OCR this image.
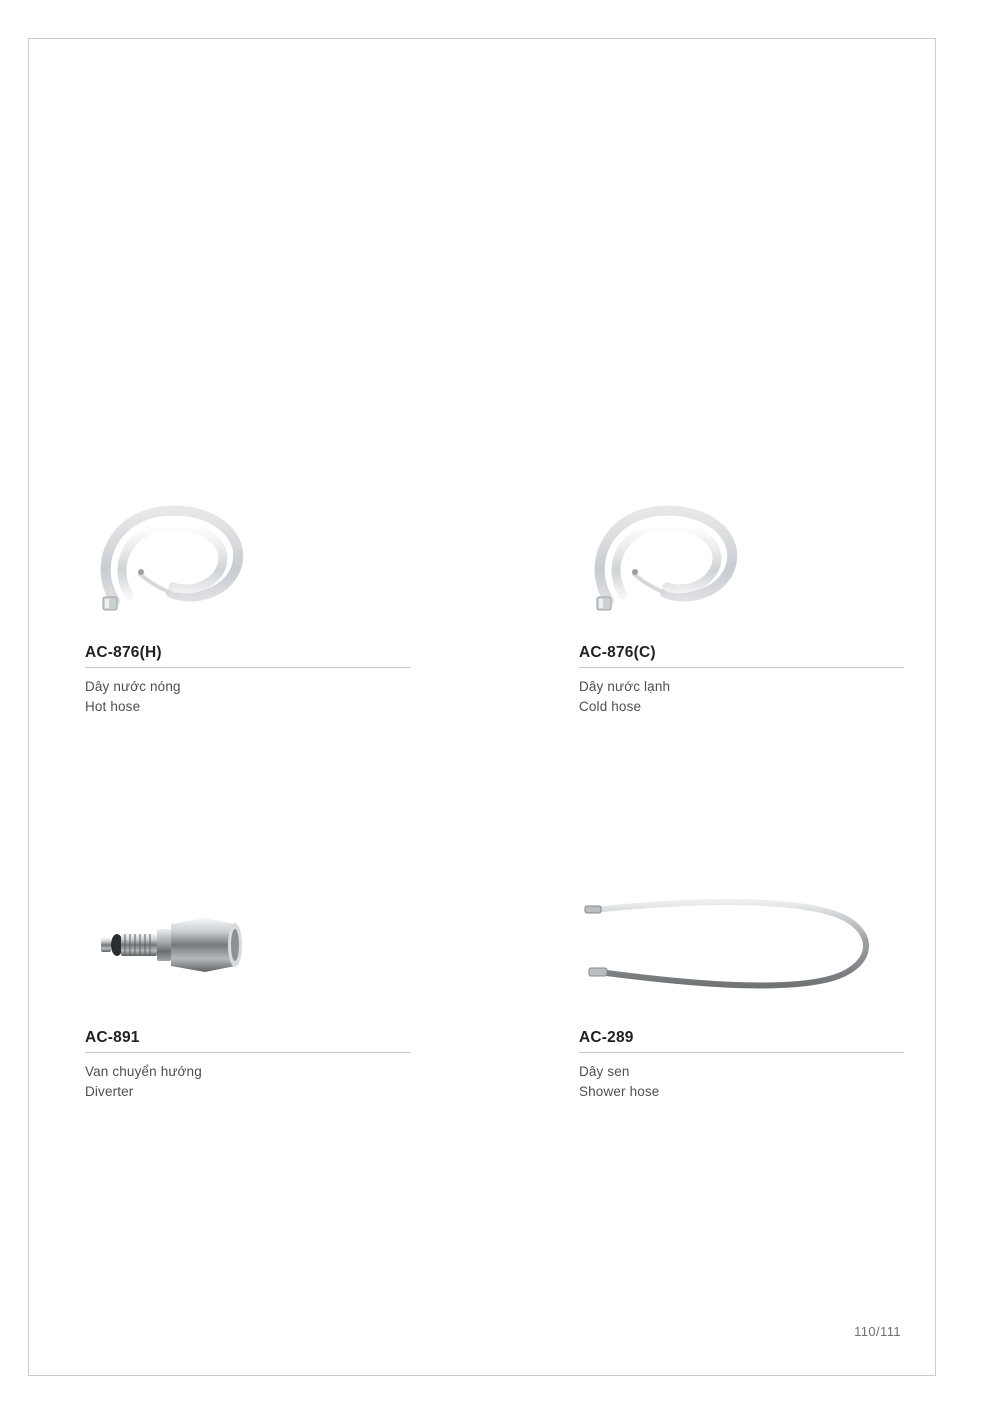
AC-876(H)
Dây nước nóng
Hot hose
AC-876(C)
Dây nước lạnh
Cold hose
AC-891
Van chuyển hướng
Diverter
AC-289
Dây sen
Shower hose
110/111
